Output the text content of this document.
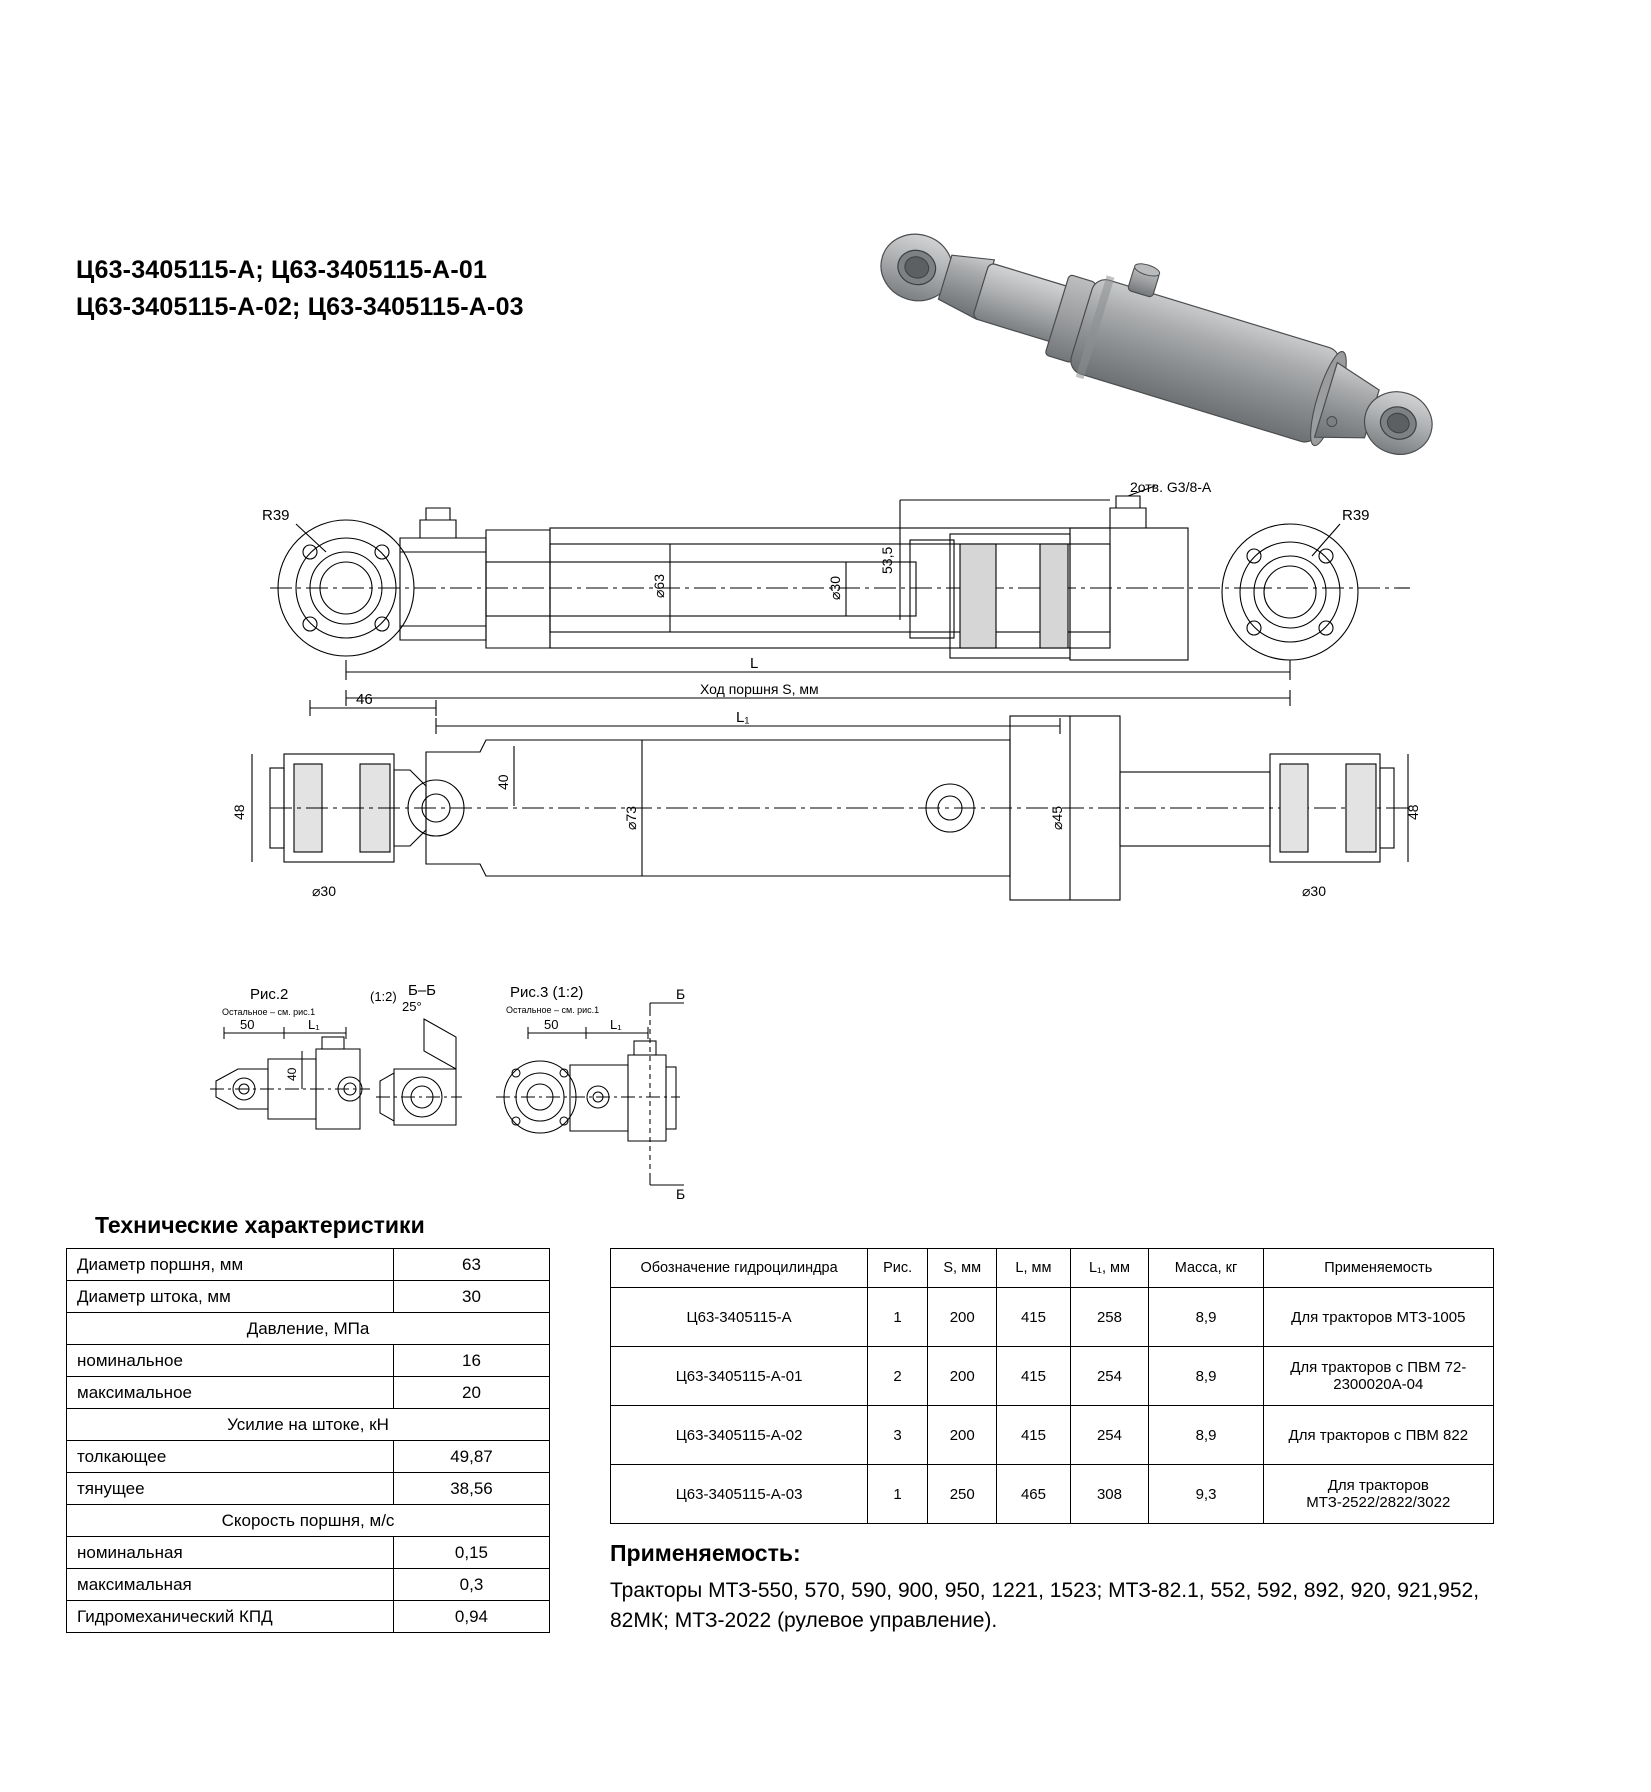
Ц63-3405115-А; Ц63-3405115-А-01
Ц63-3405115-А-02; Ц63-3405115-А-03
R39
2отв. G3/8-А
R39
53,5
⌀63	⌀30
L
Ход поршня S, мм
46
L₁
40
48	48
⌀73	⌀45
⌀30	⌀30
Рис.2
Остальное – см. рис.1
50	L₁
40
(1:2) Б–Б
25°
Рис.3 (1:2)
Остальное – см. рис.1
Б
Б
50	L₁
Технические характеристики
Диаметр поршня, мм	63
Диаметр штока, мм	30
Давление, МПа	
номинальное	16
максимальное	20
Усилие на штоке, кН	
толкающее	49,87
тянущее	38,56
Скорость поршня, м/с	
номинальная	0,15
максимальная	0,3
Гидромеханический КПД	0,94
Обозначение гидроцилиндра	Рис.	S, мм	L, мм	L₁, мм	Масса, кг	Применяемость
Ц63-3405115-А	1	200	415	258	8,9	Для тракторов МТЗ-1005
Ц63-3405115-А-01	2	200	415	254	8,9	Для тракторов с ПВМ 72-2300020А-04
Ц63-3405115-А-02	3	200	415	254	8,9	Для тракторов с ПВМ 822
Ц63-3405115-А-03	1	250	465	308	9,3	Для тракторов МТЗ-2522/2822/3022
Применяемость:
Тракторы МТЗ-550, 570, 590, 900, 950, 1221, 1523; МТЗ-82.1, 552, 592, 892, 920, 921,952, 82МК; МТЗ-2022 (рулевое управление).
